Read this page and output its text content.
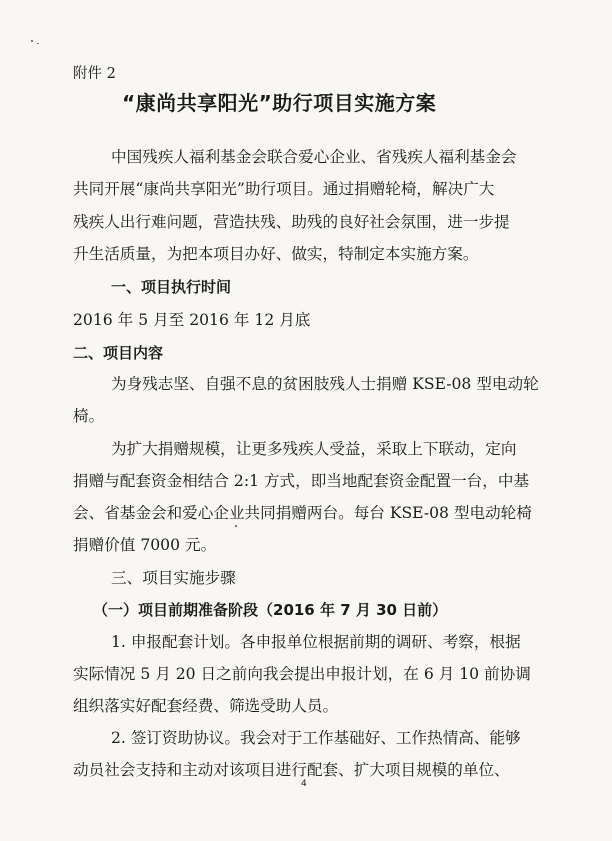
附件 2
“康尚共享阳光”助行项目实施方案
中国残疾人福利基金会联合爱心企业、省残疾人福利基金会
共同开展“康尚共享阳光”助行项目。通过捐赠轮椅，解决广大
残疾人出行难问题，营造扶残、助残的良好社会氛围，进一步提
升生活质量，为把本项目办好、做实，特制定本实施方案。
一、项目执行时间
2016 年 5 月至 2016 年 12 月底
二、项目内容
为身残志坚、自强不息的贫困肢残人士捐赠 KSE-08 型电动轮
椅。
为扩大捐赠规模，让更多残疾人受益，采取上下联动，定向
捐赠与配套资金相结合 2:1 方式，即当地配套资金配置一台，中基
会、省基金会和爱心企业共同捐赠两台。每台 KSE-08 型电动轮椅
捐赠价值 7000 元。
三、项目实施步骤
（一）项目前期准备阶段（2016 年 7 月 30 日前）
1. 申报配套计划。各申报单位根据前期的调研、考察，根据
实际情况 5 月 20 日之前向我会提出申报计划，在 6 月 10 前协调
组织落实好配套经费、筛选受助人员。
2. 签订资助协议。我会对于工作基础好、工作热情高、能够
动员社会支持和主动对该项目进行配套、扩大项目规模的单位、
4
